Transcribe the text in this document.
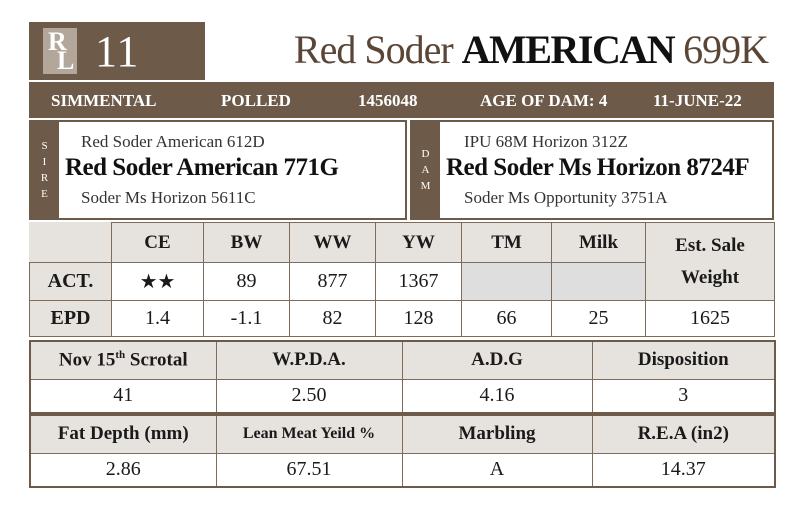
R
L 11	Red Soder AMERICAN 699K
SIMMENTAL	POLLED	1456048	AGE OF DAM: 4	11-JUNE-22
S
I
R
E
Red Soder American 612D
Red Soder American 771G
Soder Ms Horizon 5611C
D
A
M
IPU 68M Horizon 312Z
Red Soder Ms Horizon 8724F
Soder Ms Opportunity 3751A
	CE	BW	WW	YW	TM	Milk	Est. Sale
Weight

ACT.	★★	89	877	1367			
EPD	1.4	-1.1	82	128	66	25	1625
Nov 15th Scrotal	W.P.D.A.	A.D.G	Disposition
41	2.50	4.16	3
Fat Depth (mm)	Lean Meat Yeild %	Marbling	R.E.A (in2)
2.86	67.51	A	14.37
